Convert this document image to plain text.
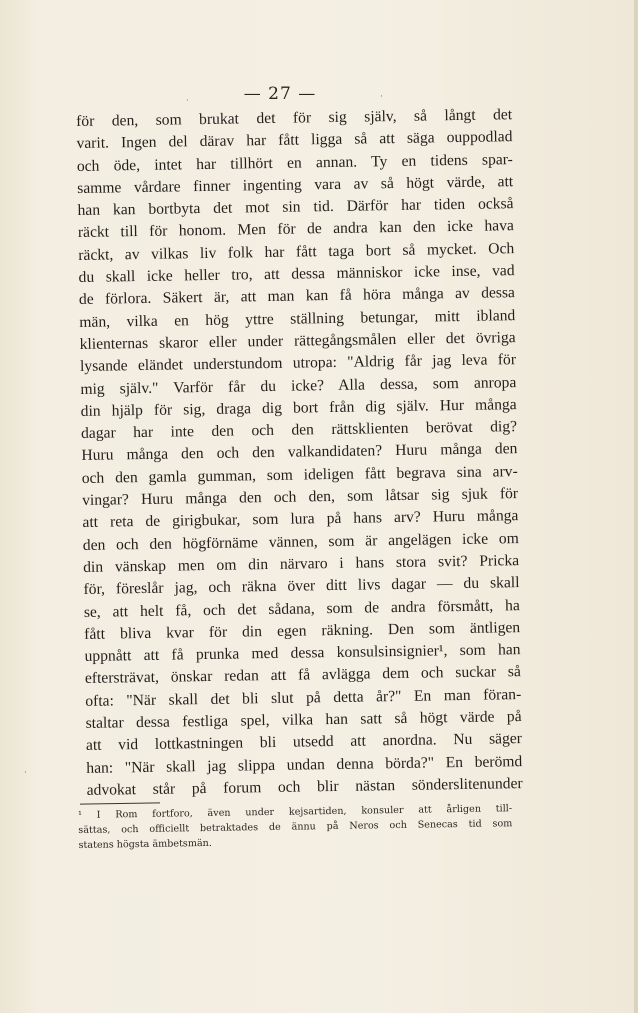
— 27 —
för den, som brukat det för sig själv, så långt det
varit. Ingen del därav har fått ligga så att säga ouppodlad
och öde, intet har tillhört en annan. Ty en tidens spar-
samme vårdare finner ingenting vara av så högt värde, att
han kan bortbyta det mot sin tid. Därför har tiden också
räckt till för honom. Men för de andra kan den icke hava
räckt, av vilkas liv folk har fått taga bort så mycket. Och
du skall icke heller tro, att dessa människor icke inse, vad
de förlora. Säkert är, att man kan få höra många av dessa
män, vilka en hög yttre ställning betungar, mitt ibland
klienternas skaror eller under rättegångsmålen eller det övriga
lysande eländet understundom utropa: "Aldrig får jag leva för
mig själv." Varför får du icke? Alla dessa, som anropa
din hjälp för sig, draga dig bort från dig själv. Hur många
dagar har inte den och den rättsklienten berövat dig?
Huru många den och den valkandidaten? Huru många den
och den gamla gumman, som ideligen fått begrava sina arv-
vingar? Huru många den och den, som låtsar sig sjuk för
att reta de girigbukar, som lura på hans arv? Huru många
den och den högförnäme vännen, som är angelägen icke om
din vänskap men om din närvaro i hans stora svit? Pricka
för, föreslår jag, och räkna över ditt livs dagar — du skall
se, att helt få, och det sådana, som de andra försmått, ha
fått bliva kvar för din egen räkning. Den som äntligen
uppnått att få prunka med dessa konsulsinsignier¹, som han
eftersträvat, önskar redan att få avlägga dem och suckar så
ofta: "När skall det bli slut på detta år?" En man föran-
staltar dessa festliga spel, vilka han satt så högt värde på
att vid lottkastningen bli utsedd att anordna. Nu säger
han: "När skall jag slippa undan denna börda?" En berömd
advokat står på forum och blir nästan sönderslitenunder
¹ I Rom fortforo, även under kejsartiden, konsuler att årligen till-
sättas, och officiellt betraktades de ännu på Neros och Senecas tid som
statens högsta ämbetsmän.
·	·
·
